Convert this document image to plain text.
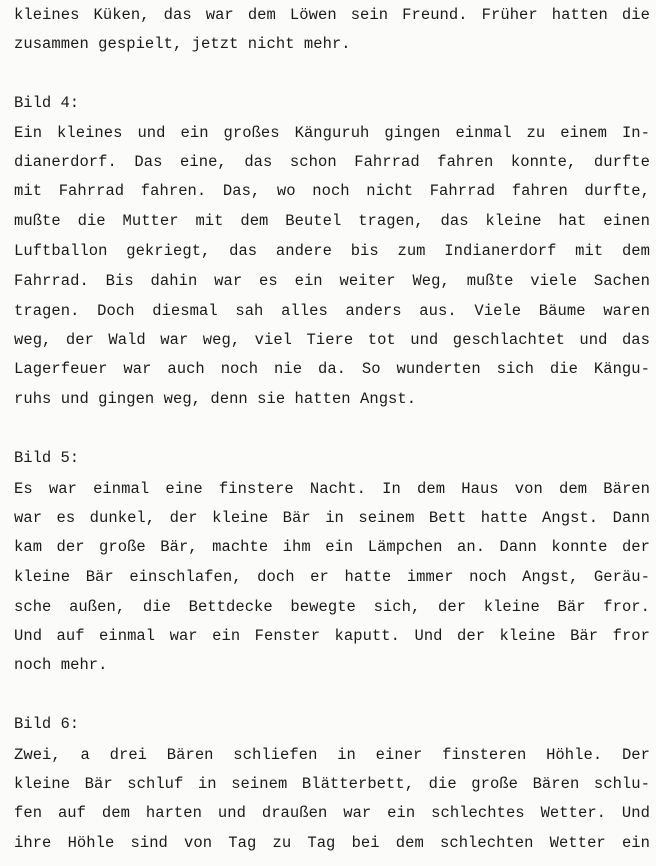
kleines Küken, das war dem Löwen sein Freund. Früher hatten die
zusammen gespielt, jetzt nicht mehr.
Bild 4:
Ein kleines und ein großes Känguruh gingen einmal zu einem In-
dianerdorf. Das eine, das schon Fahrrad fahren konnte, durfte
mit Fahrrad fahren. Das, wo noch nicht Fahrrad fahren durfte,
mußte die Mutter mit dem Beutel tragen, das kleine hat einen
Luftballon gekriegt, das andere bis zum Indianerdorf mit dem
Fahrrad. Bis dahin war es ein weiter Weg, mußte viele Sachen
tragen. Doch diesmal sah alles anders aus. Viele Bäume waren
weg, der Wald war weg, viel Tiere tot und geschlachtet und das
Lagerfeuer war auch noch nie da. So wunderten sich die Kängu-
ruhs und gingen weg, denn sie hatten Angst.
Bild 5:
Es war einmal eine finstere Nacht. In dem Haus von dem Bären
war es dunkel, der kleine Bär in seinem Bett hatte Angst. Dann
kam der große Bär, machte ihm ein Lämpchen an. Dann konnte der
kleine Bär einschlafen, doch er hatte immer noch Angst, Geräu-
sche außen, die Bettdecke bewegte sich, der kleine Bär fror.
Und auf einmal war ein Fenster kaputt. Und der kleine Bär fror
noch mehr.
Bild 6:
Zwei, a drei Bären schliefen in einer finsteren Höhle. Der
kleine Bär schluf in seinem Blätterbett, die große Bären schlu-
fen auf dem harten und draußen war ein schlechtes Wetter. Und
ihre Höhle sind von Tag zu Tag bei dem schlechten Wetter ein
